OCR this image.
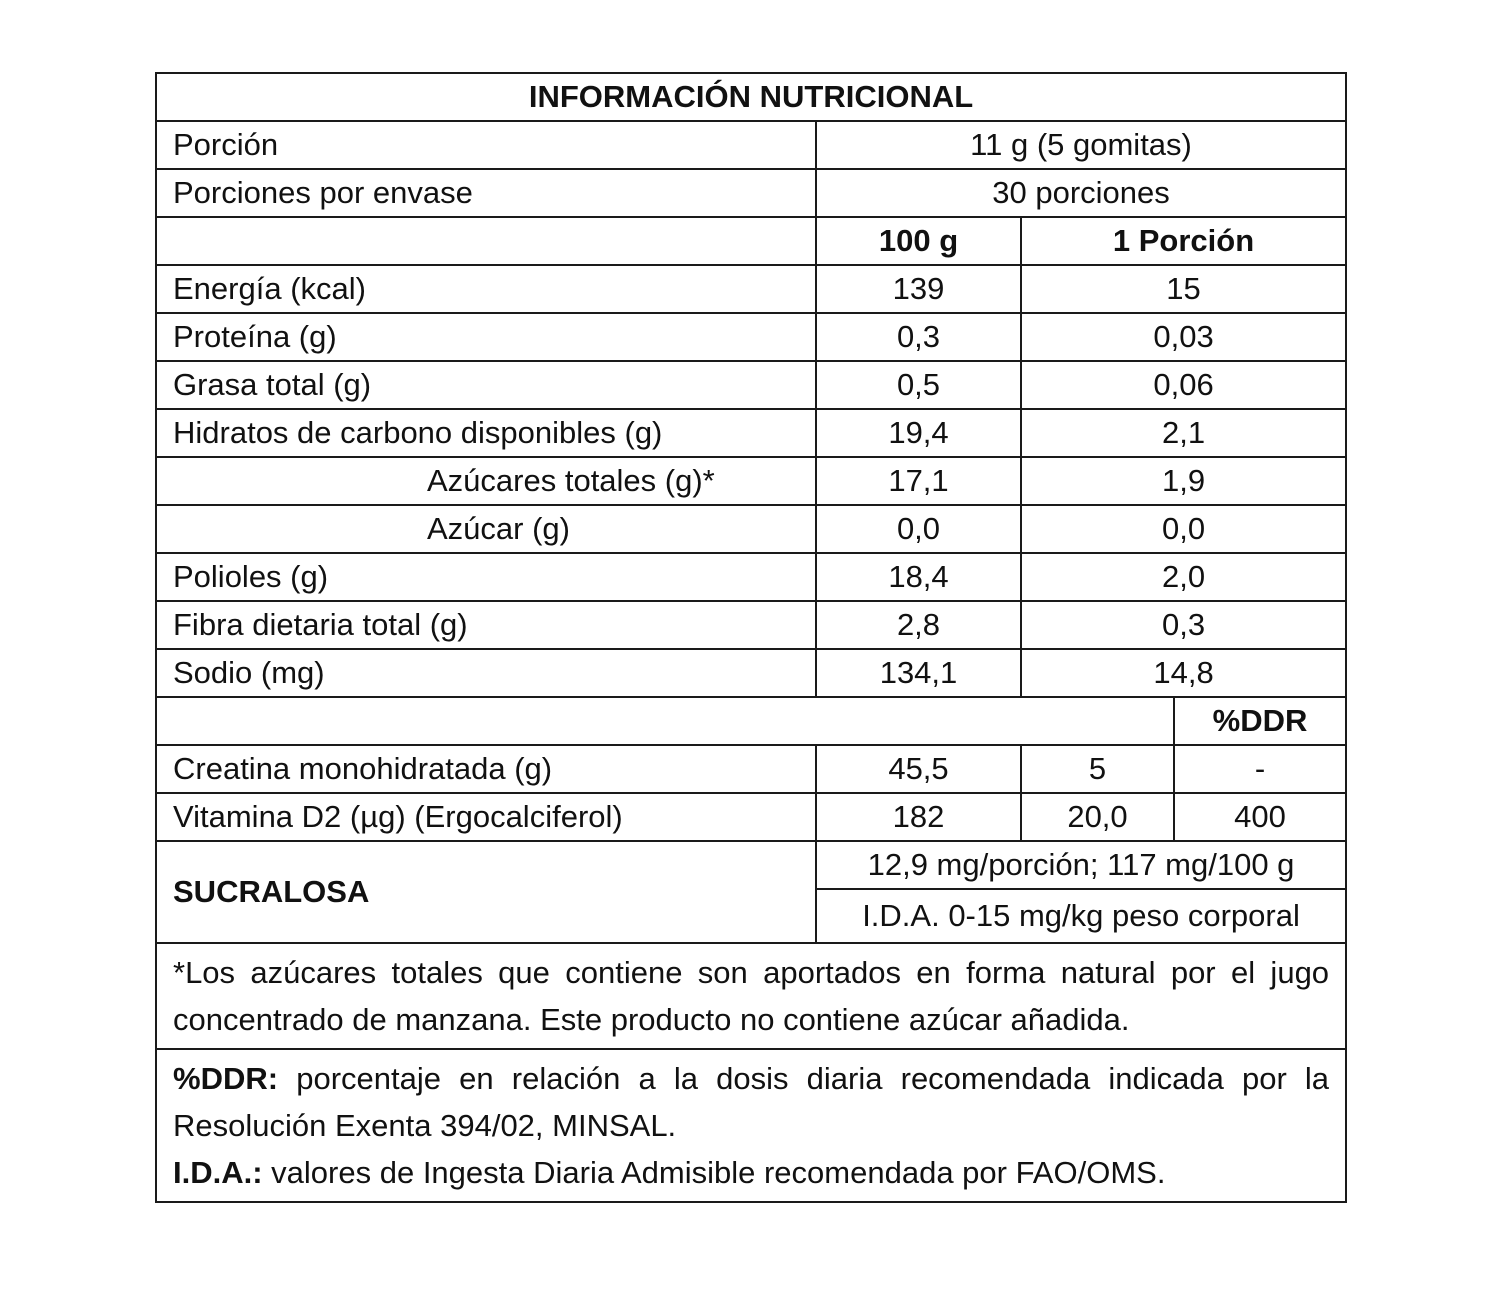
INFORMACIÓN NUTRICIONAL			
Porción	11 g (5 gomitas)		
Porciones por envase	30 porciones		
	100 g	1 Porción	
Energía (kcal)	139	15	
Proteína (g)	0,3	0,03	
Grasa total (g)	0,5	0,06	
Hidratos de carbono disponibles (g)	19,4	2,1	
Azúcares totales (g)*	17,1	1,9	
Azúcar (g)	0,0	0,0	
Polioles (g)	18,4	2,0	
Fibra dietaria total (g)	2,8	0,3	
Sodio (mg)	134,1	14,8	
			%DDR
Creatina monohidratada (g)	45,5	5	-
Vitamina D2 (µg) (Ergocalciferol)	182	20,0	400
SUCRALOSA	12,9 mg/porción; 117 mg/100 g		
	I.D.A. 0-15 mg/kg peso corporal		
*Los azúcares totales que contiene son aportados en forma natural por el jugo concentrado de manzana. Este producto no contiene azúcar añadida.			
%DDR: porcentaje en relación a la dosis diaria recomendada indicada por la Resolución Exenta 394/02, MINSAL.
I.D.A.: valores de Ingesta Diaria Admisible recomendada por FAO/OMS.			
